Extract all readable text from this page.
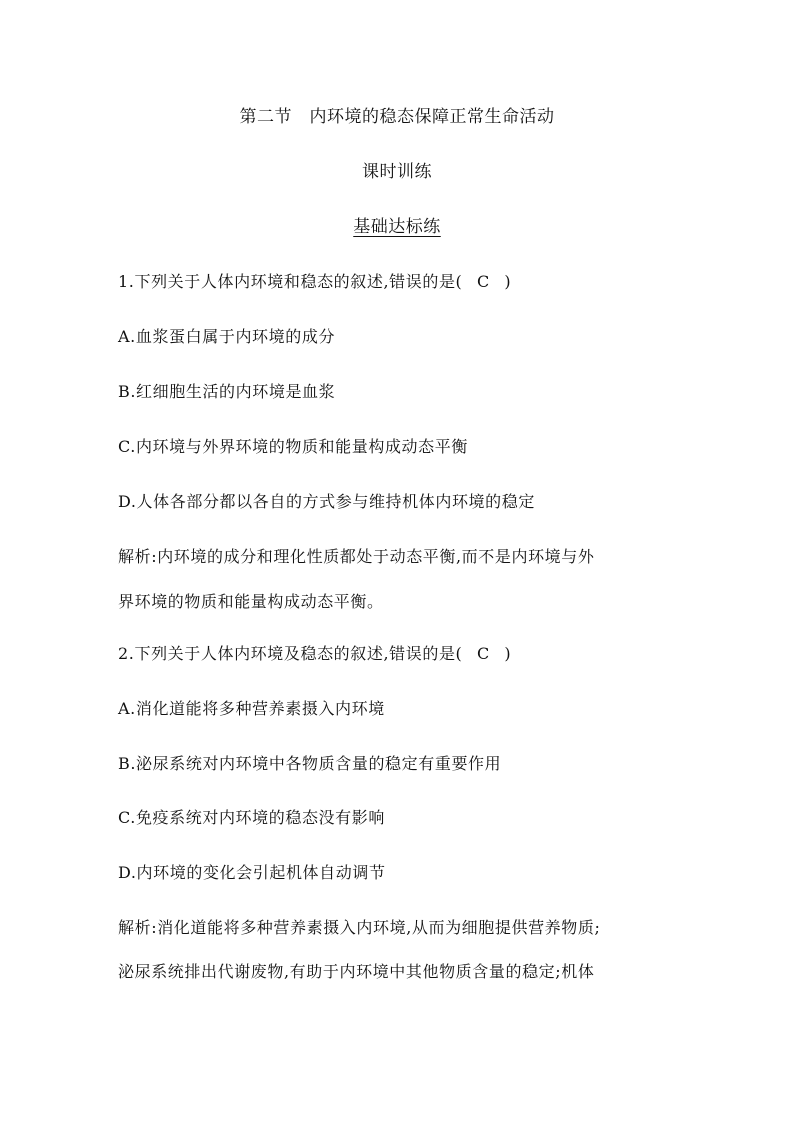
第二节　内环境的稳态保障正常生命活动
课时训练
基础达标练
1.下列关于人体内环境和稳态的叙述,错误的是( C )
A.血浆蛋白属于内环境的成分
B.红细胞生活的内环境是血浆
C.内环境与外界环境的物质和能量构成动态平衡
D.人体各部分都以各自的方式参与维持机体内环境的稳定
解析:内环境的成分和理化性质都处于动态平衡,而不是内环境与外
界环境的物质和能量构成动态平衡。
2.下列关于人体内环境及稳态的叙述,错误的是( C )
A.消化道能将多种营养素摄入内环境
B.泌尿系统对内环境中各物质含量的稳定有重要作用
C.免疫系统对内环境的稳态没有影响
D.内环境的变化会引起机体自动调节
解析:消化道能将多种营养素摄入内环境,从而为细胞提供营养物质;
泌尿系统排出代谢废物,有助于内环境中其他物质含量的稳定;机体
